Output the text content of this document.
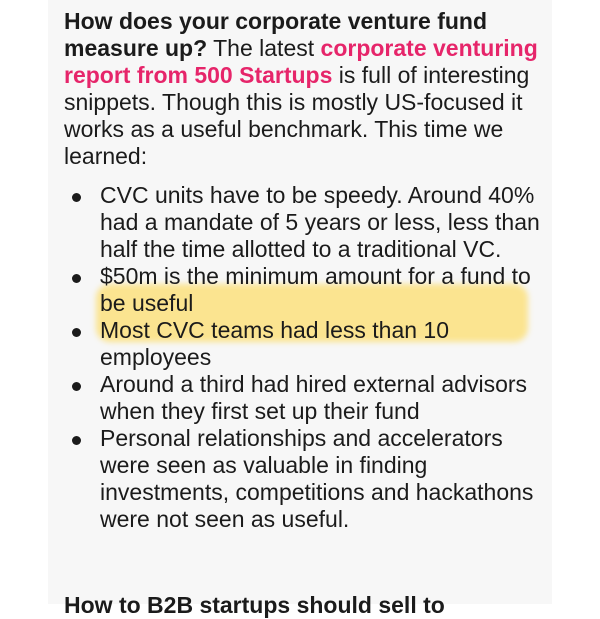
How does your corporate venture fund measure up? The latest corporate venturing report from 500 Startups is full of interesting snippets. Though this is mostly US-focused it works as a useful benchmark. This time we learned:

CVC units have to be speedy. Around 40% had a mandate of 5 years or less, less than half the time allotted to a traditional VC.
$50m is the minimum amount for a fund to be useful
Most CVC teams had less than 10 employees
Around a third had hired external advisors when they first set up their fund
Personal relationships and accelerators were seen as valuable in finding investments, competitions and hackathons were not seen as useful.
How to B2B startups should sell to
